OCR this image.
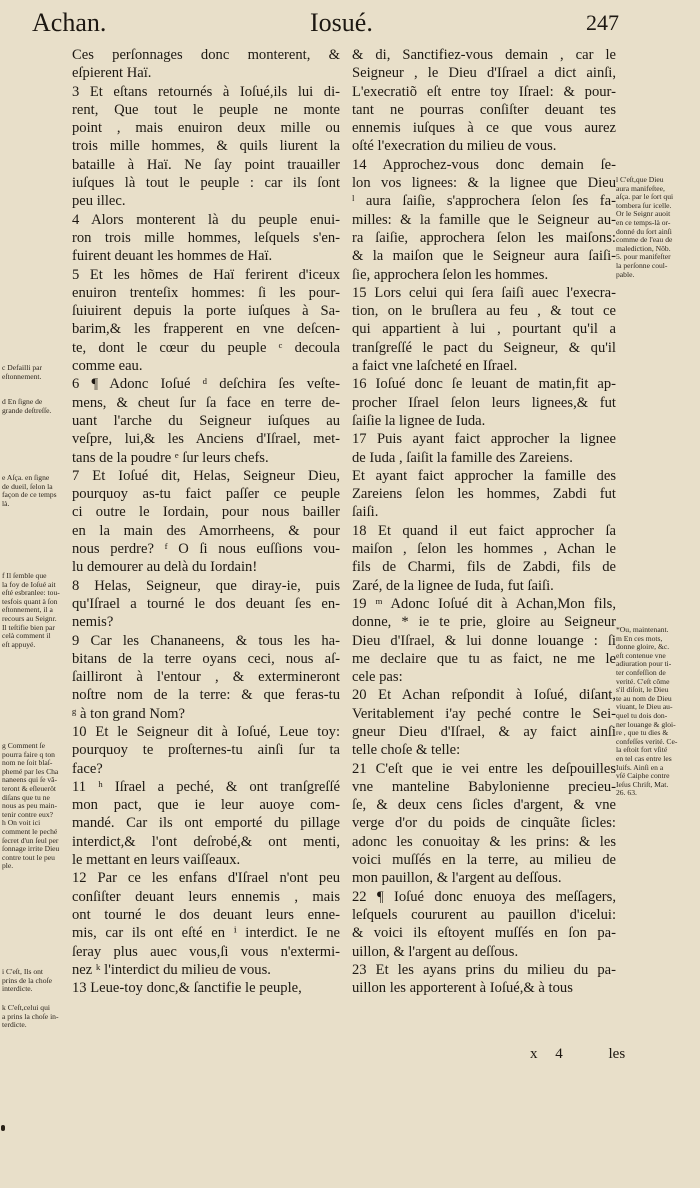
Achan.	Iosué.	247
Ces perſonnages donc monterent, &
eſpierent Haï.
3 Et eſtans retournés à Ioſué,ils lui di-
rent, Que tout le peuple ne monte
point , mais enuiron deux mille ou
trois mille hommes, & quils liurent la
bataille à Haï. Ne ſay point trauailler
iuſques là tout le peuple : car ils ſont
peu illec.
4 Alors monterent là du peuple enui-
ron trois mille hommes, leſquels s'en-
fuirent deuant les hommes de Haï.
5 Et les hõmes de Haï ferirent d'iceux
enuiron trenteſix hommes: ſi les pour-
ſuiuirent depuis la porte iuſques à Sa-
barim,& les frapperent en vne deſcen-
te, dont le cœur du peuple ᶜ decoula
comme eau.
6 ¶ Adonc Ioſué ᵈ deſchira ſes veſte-
mens, & cheut ſur ſa face en terre de-
uant l'arche du Seigneur iuſques au
veſpre, lui,& les Anciens d'Iſrael, met-
tans de la poudre ᵉ ſur leurs chefs.
7 Et Ioſué dit, Helas, Seigneur Dieu,
pourquoy as-tu faict paſſer ce peuple
ci outre le Iordain, pour nous bailler
en la main des Amorrheens, & pour
nous perdre? ᶠ O ſi nous euſſions vou-
lu demourer au delà du Iordain!
8 Helas, Seigneur, que diray-ie, puis
qu'Iſrael a tourné le dos deuant ſes en-
nemis?
9 Car les Chananeens, & tous les ha-
bitans de la terre oyans ceci, nous aſ-
ſailliront à l'entour , & extermineront
noſtre nom de la terre: & que feras-tu
ᵍ à ton grand Nom?
10 Et le Seigneur dit à Ioſué, Leue toy:
pourquoy te proſternes-tu ainſi ſur ta
face?
11 ʰ Iſrael a peché, & ont tranſgreſſé
mon pact, que ie leur auoye com-
mandé. Car ils ont emporté du pillage
interdict,& l'ont deſrobé,& ont menti,
le mettant en leurs vaiſſeaux.
12 Par ce les enfans d'Iſrael n'ont peu
conſiſter deuant leurs ennemis , mais
ont tourné le dos deuant leurs enne-
mis, car ils ont eſté en ⁱ interdict. Ie ne
ſeray plus auec vous,ſi vous n'extermi-
nez ᵏ l'interdict du milieu de vous.
13 Leue-toy donc,& ſanctifie le peuple,
& di, Sanctifiez-vous demain , car le
Seigneur , le Dieu d'Iſrael a dict ainſi,
L'execratiõ eſt entre toy Iſrael: & pour-
tant ne pourras conſiſter deuant tes
ennemis iuſques à ce que vous aurez
oſté l'execration du milieu de vous.
14 Approchez-vous donc demain ſe-
lon vos lignees: & la lignee que Dieu
ˡ aura ſaiſie, s'approchera ſelon ſes fa-
milles: & la famille que le Seigneur au-
ra ſaiſie, approchera ſelon les maiſons:
& la maiſon que le Seigneur aura ſaiſi-
ſie, approchera ſelon les hommes.
15 Lors celui qui ſera ſaiſi auec l'execra-
tion, on le bruſlera au feu , & tout ce
qui appartient à lui , pourtant qu'il a
tranſgreſſé le pact du Seigneur, & qu'il
a faict vne laſcheté en Iſrael.
16 Ioſué donc ſe leuant de matin,fit ap-
procher Iſrael ſelon leurs lignees,& fut
ſaiſie la lignee de Iuda.
17 Puis ayant faict approcher la lignee
de Iuda , ſaiſit la famille des Zareiens.
Et ayant faict approcher la famille des
Zareiens ſelon les hommes, Zabdi fut
ſaiſi.
18 Et quand il eut faict approcher ſa
maiſon , ſelon les hommes , Achan le
fils de Charmi, fils de Zabdi, fils de
Zaré, de la lignee de Iuda, fut ſaiſi.
19 ᵐ Adonc Ioſué dit à Achan,Mon fils,
donne, * ie te prie, gloire au Seigneur
Dieu d'Iſrael, & lui donne louange : ſi
me declaire que tu as faict, ne me le
cele pas:
20 Et Achan reſpondit à Ioſué, diſant,
Veritablement i'ay peché contre le Sei-
gneur Dieu d'Iſrael, & ay faict ainſi
telle choſe & telle:
21 C'eſt que ie vei entre les deſpouilles
vne manteline Babylonienne precieu-
ſe, & deux cens ſicles d'argent, & vne
verge d'or du poids de cinquãte ſicles:
adonc les conuoitay & les prins: & les
voici muſſés en la terre, au milieu de
mon pauillon, & l'argent au deſſous.
22 ¶ Ioſué donc enuoya des meſſagers,
leſquels coururent au pauillon d'icelui:
& voici ils eſtoyent muſſés en ſon pa-
uillon, & l'argent au deſſous.
23 Et les ayans prins du milieu du pa-
uillon les apporterent à Ioſué,& à tous
c Defailli par
eſtonnement.
d En ſigne de
grande deſtreſſe.
e Aſça. en ſigne
de dueil, ſelon la
façon de ce temps
là.
f Il ſemble que
la foy de Ioſué ait
eſté esbranlee: tou-
tesfois quant à ſon
eſtonnement, il a
recours au Seignr.
Il teſtifie bien par
celà comment il
eſt appuyé.
g Comment ſe
pourra faire q ton
nom ne ſoit blaſ-
phemé par les Cha
naneens qui ſe vã-
teront & eſleueröt
diſans que tu ne
nous as peu main-
tenir contre eux?
h On voit ici
comment le peché
ſecret d'un ſeul per
ſonnage irrite Dieu
contre tout le peu
ple.
i C'eſt, Ils ont
prins de la choſe
interdicte.
k C'eſt,celui qui
a prins la choſe in-
terdicte.
l C'eſt,que Dieu
aura manifeſtee,
aſça. par le ſort qui
tombera ſur icelle.
Or le Seignr auoit
en ce temps-là or-
donné du ſort ainſi
comme de l'eau de
malediction, Nõb.
5. pour manifeſter
la perſonne coul-
pable.
*Ou, maintenant.
m En ces mots,
donne gloire, &c.
eſt contenue vne
adiuration pour ti-
ter confeſſion de
verité. C'eſt cõme
s'il diſoit, le Dieu
te au nom de Dieu
viuant, le Dieu au-
quel tu dois don-
ner louange & gloi-
re , que tu dies &
confeſſes verité. Ce-
la eſtoit fort vſité
en tel cas entre les
Iuifs. Ainſi en a
vſé Caiphe contre
Ieſus Chriſt, Mat.
26. 63.
x 4	les
